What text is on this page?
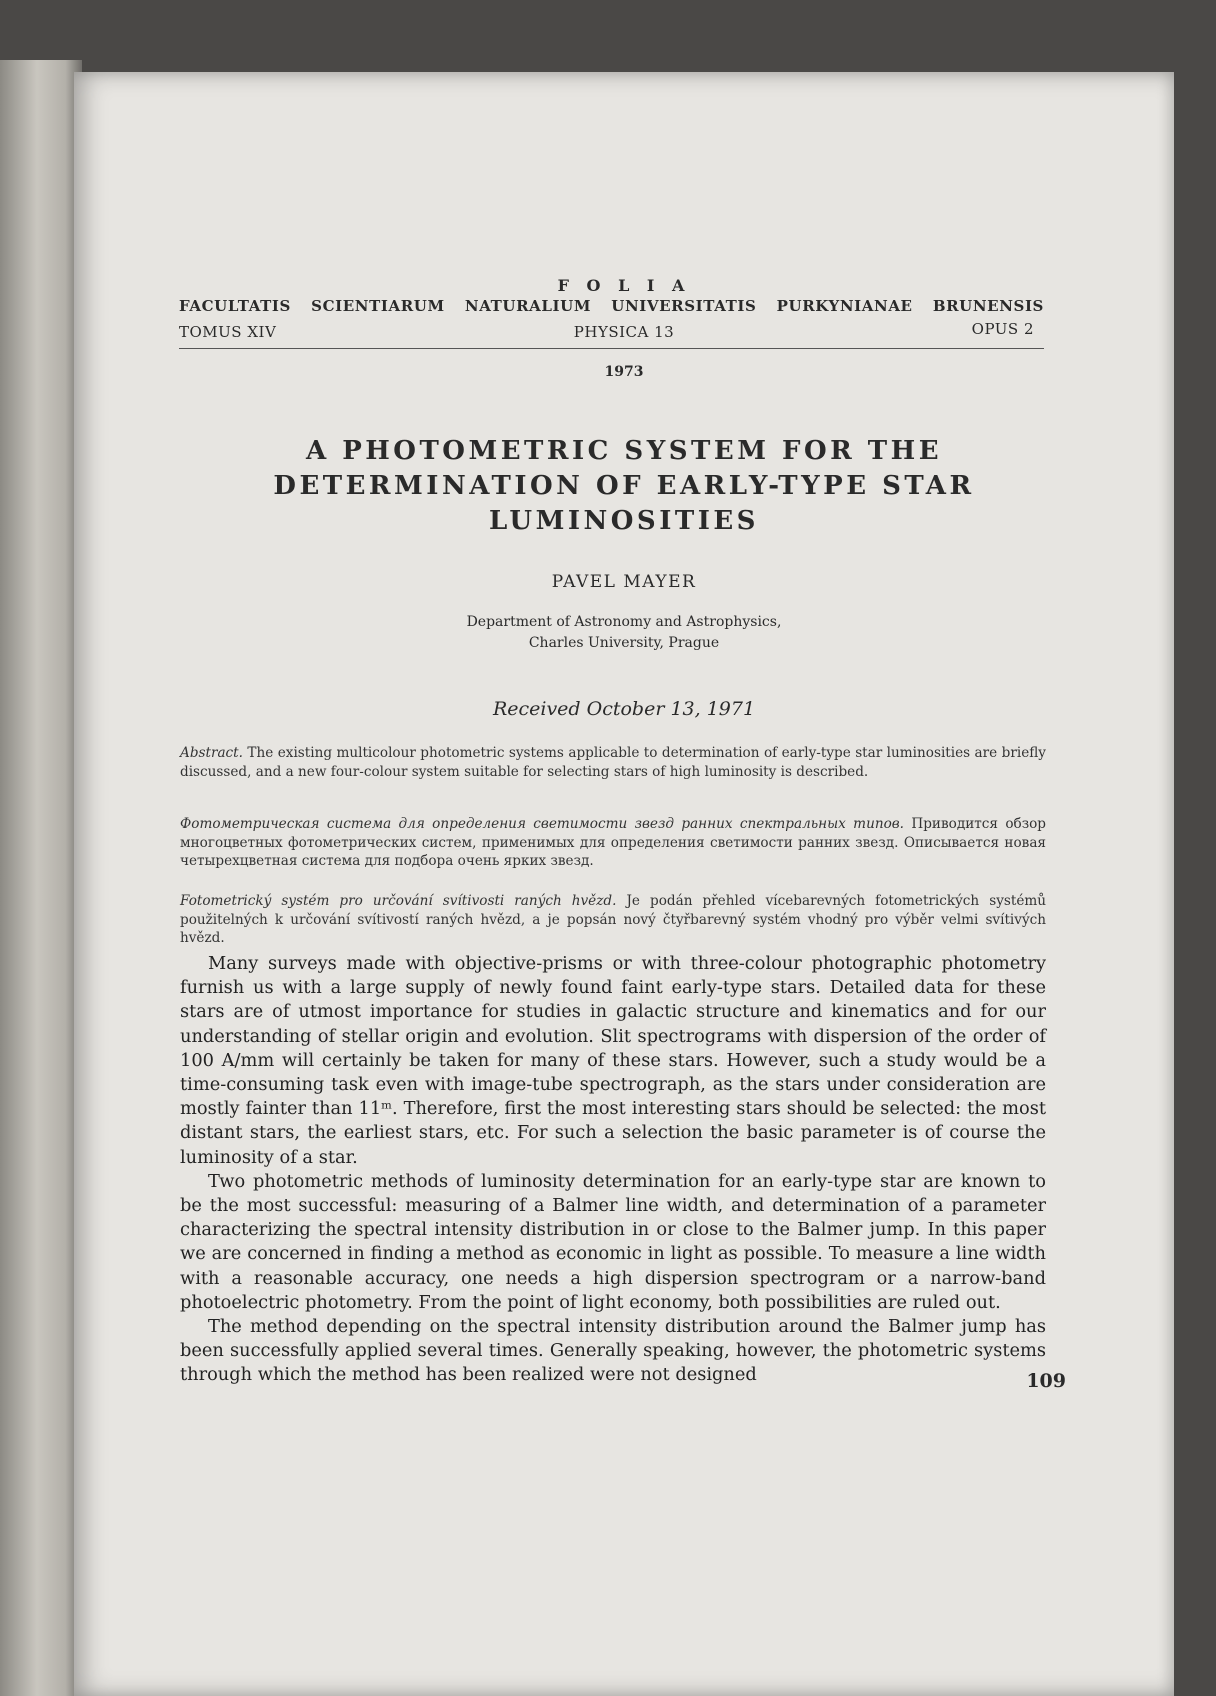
F O L I A
FACULTATIS SCIENTIARUM NATURALIUM UNIVERSITATIS PURKYNIANAE BRUNENSIS
TOMUS XIV	PHYSICA 13	OPUS 2
1973
A PHOTOMETRIC SYSTEM FOR THE
DETERMINATION OF EARLY-TYPE STAR
LUMINOSITIES
PAVEL MAYER
Department of Astronomy and Astrophysics,
Charles University, Prague
Received October 13, 1971
Abstract. The existing multicolour photometric systems applicable to determination of early-type star luminosities are briefly discussed, and a new four-colour system suitable for selecting stars of high luminosity is described.
Фотометрическая система для определения светимости звезд ранних спектральных типов. Приводится обзор многоцветных фотометрических систем, применимых для определения светимости ранних звезд. Описывается новая четырехцветная система для подбора очень ярких звезд.
Fotometrický systém pro určování svítivosti raných hvězd. Je podán přehled vícebarevných fotometrických systémů použitelných k určování svítivostí raných hvězd, a je popsán nový čtyřbarevný systém vhodný pro výběr velmi svítivých hvězd.

Many surveys made with objective-prisms or with three-colour photographic photometry furnish us with a large supply of newly found faint early-type stars. Detailed data for these stars are of utmost importance for studies in galactic structure and kinematics and for our understanding of stellar origin and evolution. Slit spectrograms with dispersion of the order of 100 A/mm will certainly be taken for many of these stars. However, such a study would be a time-consuming task even with image-tube spectrograph, as the stars under consideration are mostly fainter than 11ᵐ. Therefore, first the most interesting stars should be selected: the most distant stars, the earliest stars, etc. For such a selection the basic parameter is of course the luminosity of a star.

Two photometric methods of luminosity determination for an early-type star are known to be the most successful: measuring of a Balmer line width, and determination of a parameter characterizing the spectral intensity distribution in or close to the Balmer jump. In this paper we are concerned in finding a method as economic in light as possible. To measure a line width with a reasonable accuracy, one needs a high dispersion spectrogram or a narrow-band photoelectric photometry. From the point of light economy, both possibilities are ruled out.

The method depending on the spectral intensity distribution around the Balmer jump has been successfully applied several times. Generally speaking, however, the photometric systems through which the method has been realized were not designed	109
